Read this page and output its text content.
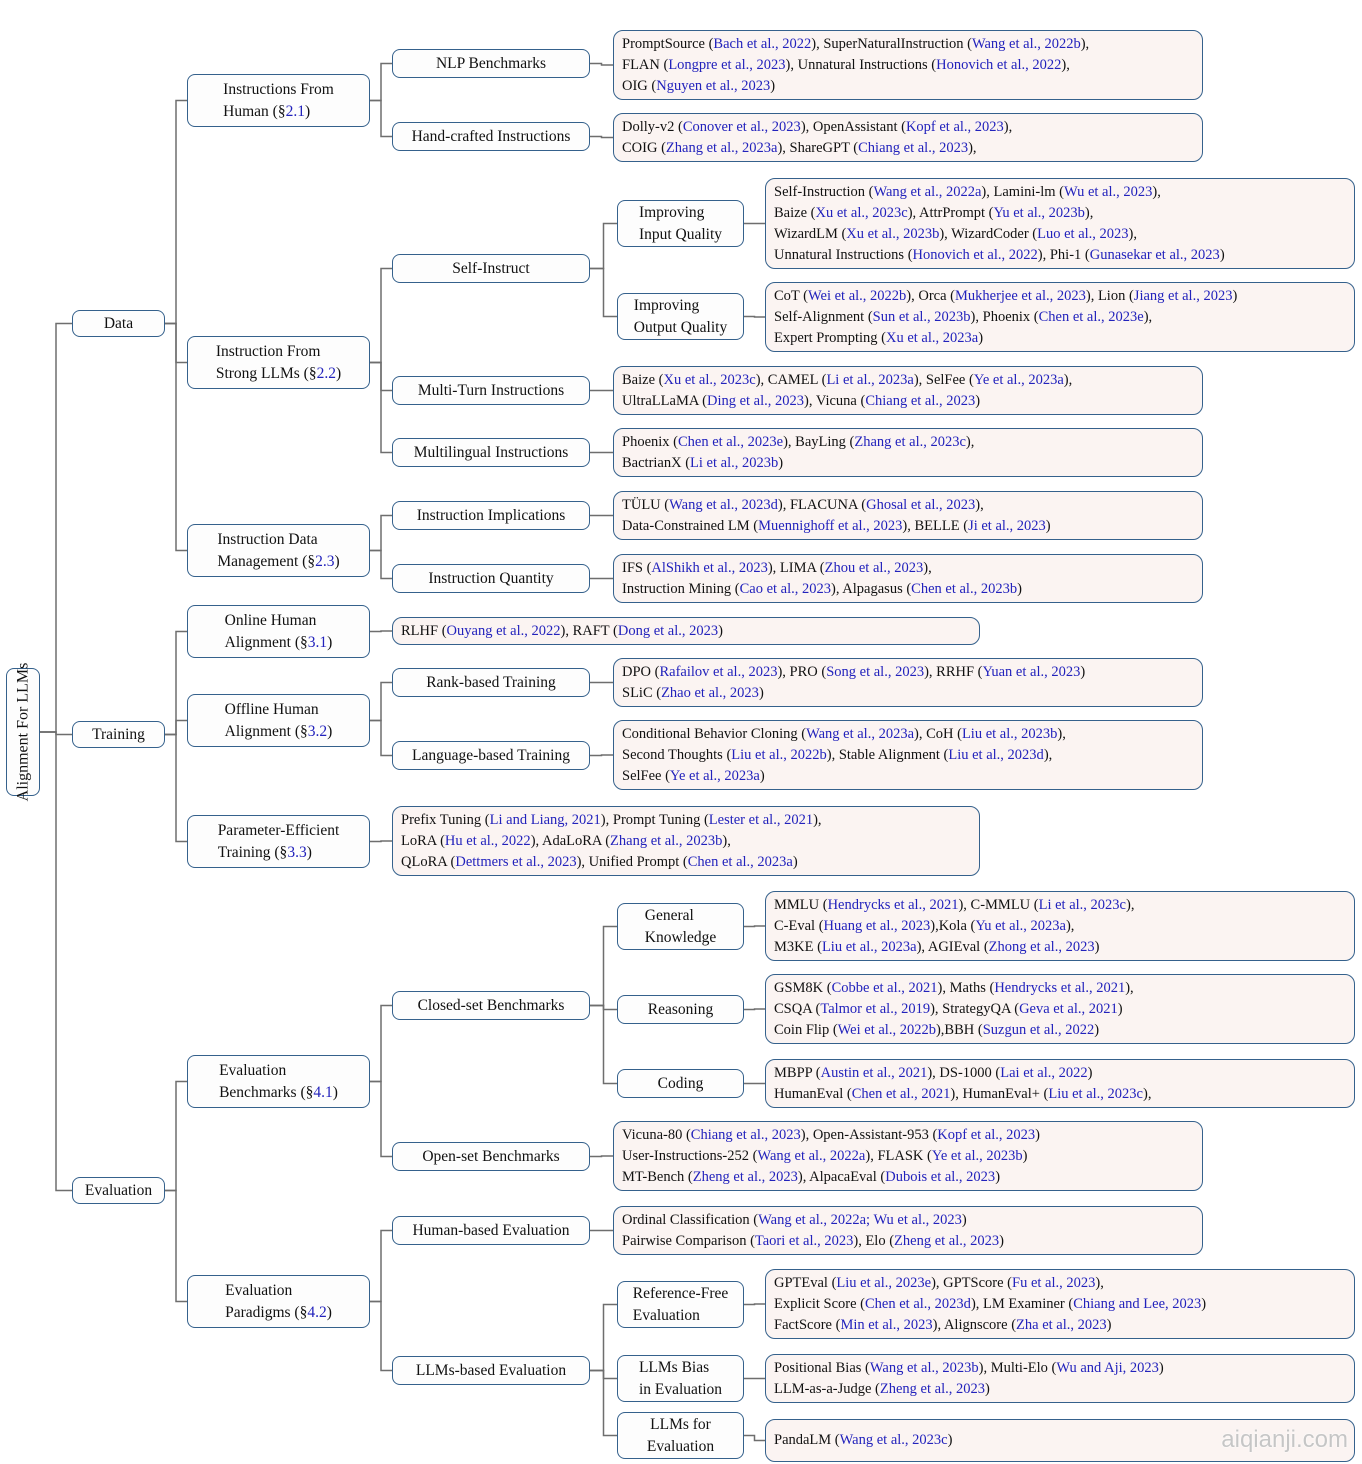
Alignment For LLMs
Data
Training
Evaluation
Instructions From
Human (§2.1)
Instruction From
Strong LLMs (§2.2)
Instruction Data
Management (§2.3)
Online Human
Alignment (§3.1)
Offline Human
Alignment (§3.2)
Parameter-Efficient
Training (§3.3)
Evaluation
Benchmarks (§4.1)
Evaluation
Paradigms (§4.2)
NLP Benchmarks
Hand-crafted Instructions
Self-Instruct
Multi-Turn Instructions
Multilingual Instructions
Instruction Implications
Instruction Quantity
Rank-based Training
Language-based Training
Closed-set Benchmarks
Open-set Benchmarks
Human-based Evaluation
LLMs-based Evaluation
Improving
Input Quality
Improving
Output Quality
General
Knowledge
Reasoning
Coding
Reference-Free
Evaluation
LLMs Bias
in Evaluation
LLMs for
Evaluation
PromptSource (Bach et al., 2022), SuperNaturalInstruction (Wang et al., 2022b),
FLAN (Longpre et al., 2023), Unnatural Instructions (Honovich et al., 2022),
OIG (Nguyen et al., 2023)
Dolly-v2 (Conover et al., 2023), OpenAssistant (Kopf et al., 2023),
COIG (Zhang et al., 2023a), ShareGPT (Chiang et al., 2023),
Self-Instruction (Wang et al., 2022a), Lamini-lm (Wu et al., 2023),
Baize (Xu et al., 2023c), AttrPrompt (Yu et al., 2023b),
WizardLM (Xu et al., 2023b), WizardCoder (Luo et al., 2023),
Unnatural Instructions (Honovich et al., 2022), Phi-1 (Gunasekar et al., 2023)
CoT (Wei et al., 2022b), Orca (Mukherjee et al., 2023), Lion (Jiang et al., 2023)
Self-Alignment (Sun et al., 2023b), Phoenix (Chen et al., 2023e),
Expert Prompting (Xu et al., 2023a)
Baize (Xu et al., 2023c), CAMEL (Li et al., 2023a), SelFee (Ye et al., 2023a),
UltraLLaMA (Ding et al., 2023), Vicuna (Chiang et al., 2023)
Phoenix (Chen et al., 2023e), BayLing (Zhang et al., 2023c),
BactrianX (Li et al., 2023b)
TÜLU (Wang et al., 2023d), FLACUNA (Ghosal et al., 2023),
Data-Constrained LM (Muennighoff et al., 2023), BELLE (Ji et al., 2023)
IFS (AlShikh et al., 2023), LIMA (Zhou et al., 2023),
Instruction Mining (Cao et al., 2023), Alpagasus (Chen et al., 2023b)
RLHF (Ouyang et al., 2022), RAFT (Dong et al., 2023)
DPO (Rafailov et al., 2023), PRO (Song et al., 2023), RRHF (Yuan et al., 2023)
SLiC (Zhao et al., 2023)
Conditional Behavior Cloning (Wang et al., 2023a), CoH (Liu et al., 2023b),
Second Thoughts (Liu et al., 2022b), Stable Alignment (Liu et al., 2023d),
SelFee (Ye et al., 2023a)
Prefix Tuning (Li and Liang, 2021), Prompt Tuning (Lester et al., 2021),
LoRA (Hu et al., 2022), AdaLoRA (Zhang et al., 2023b),
QLoRA (Dettmers et al., 2023), Unified Prompt (Chen et al., 2023a)
MMLU (Hendrycks et al., 2021), C-MMLU (Li et al., 2023c),
C-Eval (Huang et al., 2023),Kola (Yu et al., 2023a),
M3KE (Liu et al., 2023a), AGIEval (Zhong et al., 2023)
GSM8K (Cobbe et al., 2021), Maths (Hendrycks et al., 2021),
CSQA (Talmor et al., 2019), StrategyQA (Geva et al., 2021)
Coin Flip (Wei et al., 2022b),BBH (Suzgun et al., 2022)
MBPP (Austin et al., 2021), DS-1000 (Lai et al., 2022)
HumanEval (Chen et al., 2021), HumanEval+ (Liu et al., 2023c),
Vicuna-80 (Chiang et al., 2023), Open-Assistant-953 (Kopf et al., 2023)
User-Instructions-252 (Wang et al., 2022a), FLASK (Ye et al., 2023b)
MT-Bench (Zheng et al., 2023), AlpacaEval (Dubois et al., 2023)
Ordinal Classification (Wang et al., 2022a; Wu et al., 2023)
Pairwise Comparison (Taori et al., 2023), Elo (Zheng et al., 2023)
GPTEval (Liu et al., 2023e), GPTScore (Fu et al., 2023),
Explicit Score (Chen et al., 2023d), LM Examiner (Chiang and Lee, 2023)
FactScore (Min et al., 2023), Alignscore (Zha et al., 2023)
Positional Bias (Wang et al., 2023b), Multi-Elo (Wu and Aji, 2023)
LLM-as-a-Judge (Zheng et al., 2023)
PandaLM (Wang et al., 2023c)	aiqianji.com
